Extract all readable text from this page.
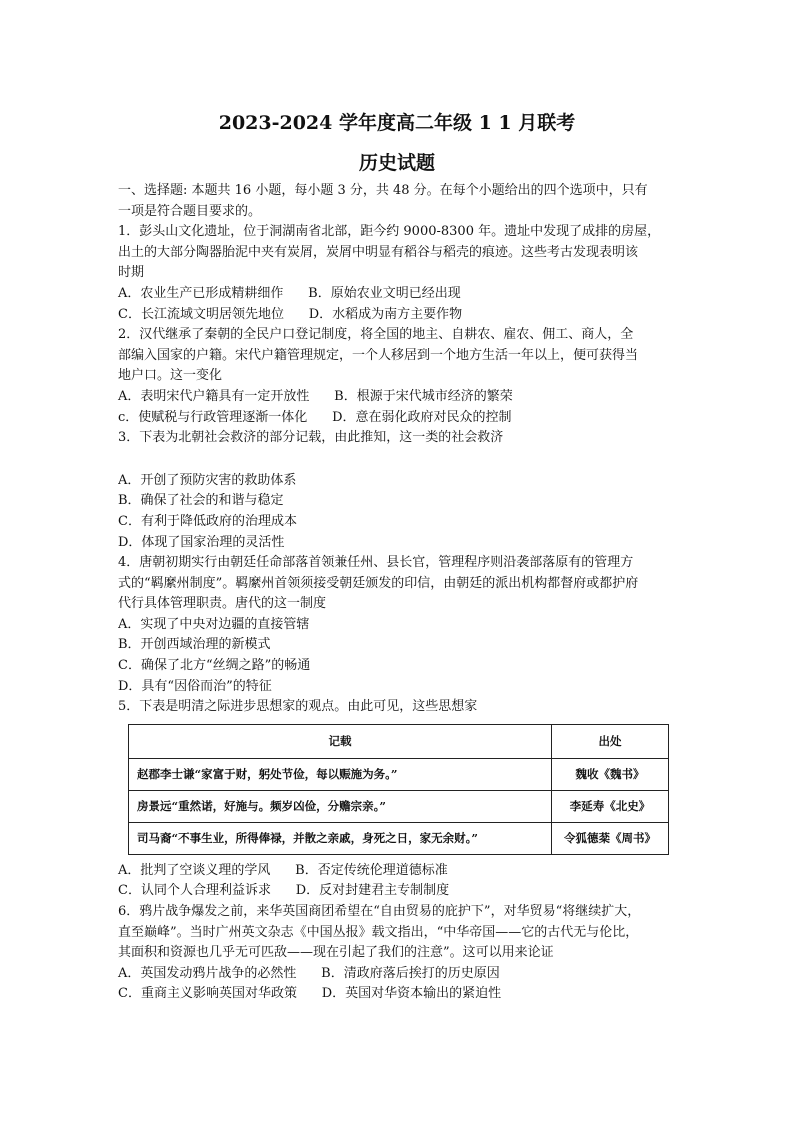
2023-2024 学年度高二年级 1 1 月联考
历史试题
一、选择题: 本题共 16 小题，每小题 3 分，共 48 分。在每个小题给出的四个选项中，只有
一项是符合题目要求的。
1．彭头山文化遗址，位于洞湖南省北部，距今约 9000-8300 年。遗址中发现了成排的房屋，
出土的大部分陶器胎泥中夹有炭屑，炭屑中明显有稻谷与稻壳的痕迹。这些考古发现表明该
时期
A．农业生产已形成精耕细作      B．原始农业文明已经出现
C．长江流域文明居领先地位      D．水稻成为南方主要作物
2．汉代继承了秦朝的全民户口登记制度，将全国的地主、自耕农、雇农、佣工、商人，全
部编入国家的户籍。宋代户籍管理规定，一个人移居到一个地方生活一年以上，便可获得当
地户口。这一变化
A．表明宋代户籍具有一定开放性      B．根源于宋代城市经济的繁荣
c．使赋税与行政管理逐渐一体化      D．意在弱化政府对民众的控制
3．下表为北朝社会救济的部分记载，由此推知，这一类的社会救济
A．开创了预防灾害的救助体系
B．确保了社会的和谐与稳定
C．有利于降低政府的治理成本
D．体现了国家治理的灵活性
4．唐朝初期实行由朝廷任命部落首领兼任州、县长官，管理程序则沿袭部落原有的管理方
式的“羁縻州制度”。羁縻州首领须接受朝廷颁发的印信，由朝廷的派出机构都督府或都护府
代行具体管理职责。唐代的这一制度
A．实现了中央对边疆的直接管辖
B．开创西域治理的新模式
C．确保了北方“丝绸之路”的畅通
D．具有“因俗而治”的特征
5．下表是明清之际进步思想家的观点。由此可见，这些思想家
记载	出处
赵郡李士谦“家富于财，躬处节俭，每以赈施为务。”	魏收《魏书》
房景远“重然诺，好施与。频岁凶俭，分赡宗亲。”	李延寿《北史》
司马裔“不事生业，所得俸禄，并散之亲戚，身死之日，家无余财。”	令狐德棻《周书》
A．批判了空谈义理的学风      B．否定传统伦理道德标准
C．认同个人合理利益诉求      D．反对封建君主专制制度
6．鸦片战争爆发之前，来华英国商团希望在“自由贸易的庇护下”，对华贸易“将继续扩大，
直至巅峰”。当时广州英文杂志《中国丛报》载文指出，“中华帝国——它的古代无与伦比，
其面积和资源也几乎无可匹敌——现在引起了我们的注意”。这可以用来论证
A．英国发动鸦片战争的必然性      B．清政府落后挨打的历史原因
C．重商主义影响英国对华政策      D．英国对华资本输出的紧迫性
